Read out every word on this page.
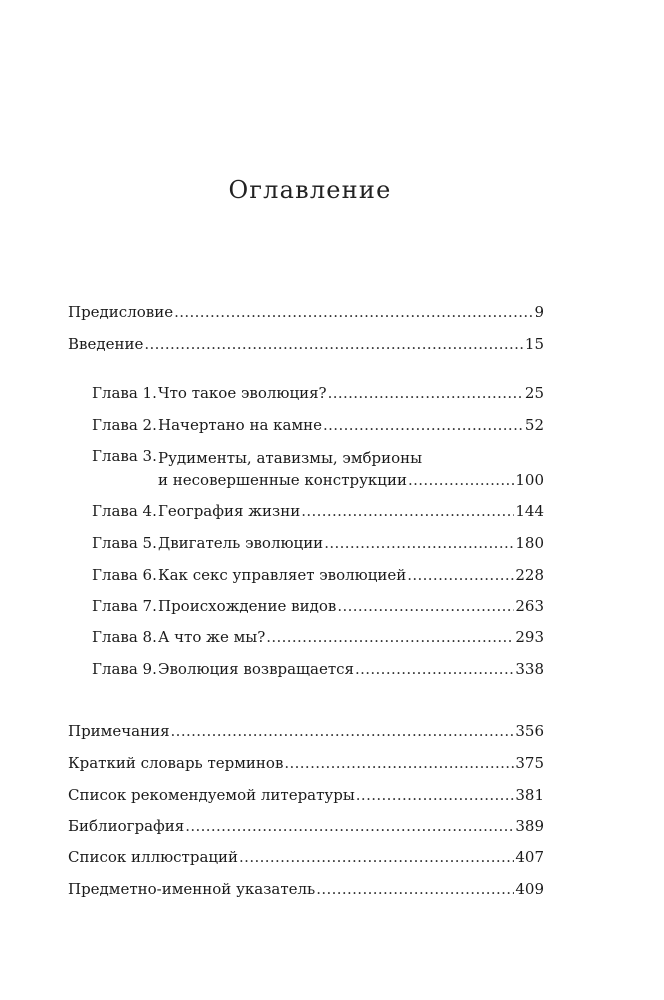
Оглавление
Предисловие . . .	9
Введение . . .	15
Глава 1. Что такое эволюция? . . .	25
Глава 2. Начертано на камне . . .	52
Глава 3. Рудименты, атавизмы, эмбрионы
и несовершенные конструкции . . .	100
Глава 4. География жизни . . .	144
Глава 5. Двигатель эволюции . . .	180
Глава 6. Как секс управляет эволюцией . . .	228
Глава 7. Происхождение видов . . .	263
Глава 8. А что же мы? . . .	293
Глава 9. Эволюция возвращается . . .	338
Примечания . . .	356
Краткий словарь терминов . . .	375
Список рекомендуемой литературы . . .	381
Библиография . . .	389
Список иллюстраций . . .	407
Предметно-именной указатель . . .	409
